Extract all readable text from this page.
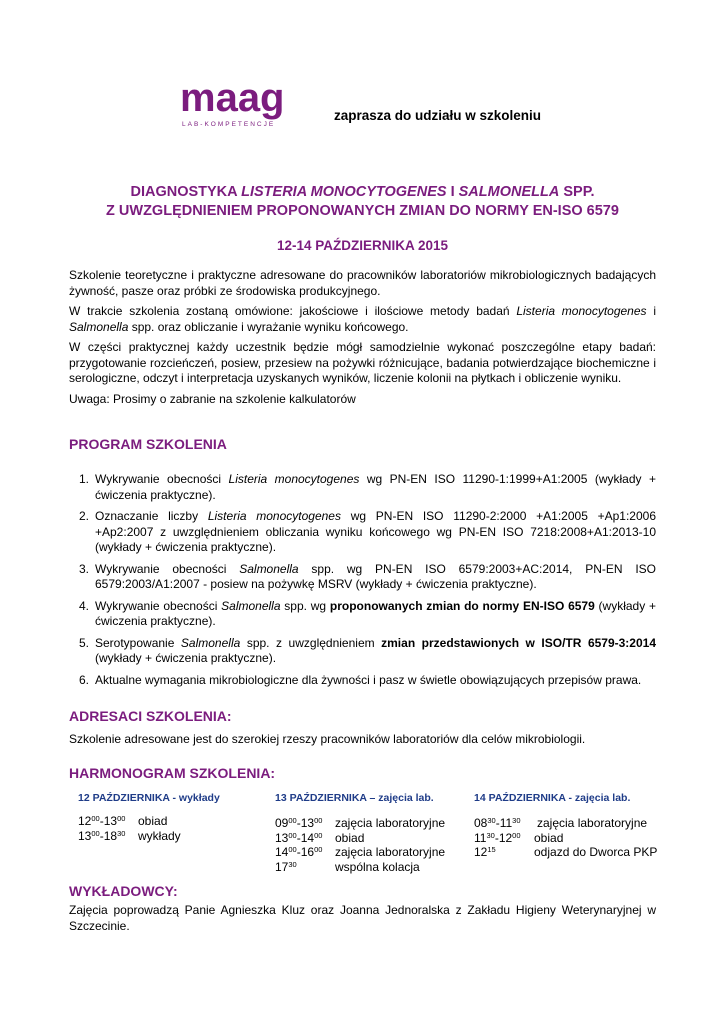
maag
LAB-KOMPETENCJE
zaprasza do udziału w szkoleniu
DIAGNOSTYKA LISTERIA MONOCYTOGENES I SALMONELLA SPP.
Z UWZGLĘDNIENIEM PROPONOWANYCH ZMIAN DO NORMY EN-ISO 6579
12-14 PAŹDZIERNIKA 2015

Szkolenie teoretyczne i praktyczne adresowane do pracowników laboratoriów mikrobiologicznych badających żywność, pasze oraz próbki ze środowiska produkcyjnego.

W trakcie szkolenia zostaną omówione: jakościowe i ilościowe metody badań Listeria monocytogenes i Salmonella spp. oraz obliczanie i wyrażanie wyniku końcowego.

W części praktycznej każdy uczestnik będzie mógł samodzielnie wykonać poszczególne etapy badań: przygotowanie rozcieńczeń, posiew, przesiew na pożywki różnicujące, badania potwierdzające biochemiczne i serologiczne, odczyt i interpretacja uzyskanych wyników, liczenie kolonii na płytkach i obliczenie wyniku.

Uwaga: Prosimy o zabranie na szkolenie kalkulatorów

PROGRAM SZKOLENIA
1. Wykrywanie obecności Listeria monocytogenes wg PN-EN ISO 11290-1:1999+A1:2005 (wykłady + ćwiczenia praktyczne).
2. Oznaczanie liczby Listeria monocytogenes wg PN-EN ISO 11290-2:2000 +A1:2005 +Ap1:2006 +Ap2:2007 z uwzględnieniem obliczania wyniku końcowego wg PN-EN ISO 7218:2008+A1:2013-10 (wykłady + ćwiczenia praktyczne).
3. Wykrywanie obecności Salmonella spp. wg PN-EN ISO 6579:2003+AC:2014, PN-EN ISO 6579:2003/A1:2007 - posiew na pożywkę MSRV (wykłady + ćwiczenia praktyczne).
4. Wykrywanie obecności Salmonella spp. wg proponowanych zmian do normy EN-ISO 6579 (wykłady + ćwiczenia praktyczne).
5. Serotypowanie Salmonella spp. z uwzględnieniem zmian przedstawionych w ISO/TR 6579-3:2014 (wykłady + ćwiczenia praktyczne).
6. Aktualne wymagania mikrobiologiczne dla żywności i pasz w świetle obowiązujących przepisów prawa.
ADRESACI SZKOLENIA:
Szkolenie adresowane jest do szerokiej rzeszy pracowników laboratoriów dla celów mikrobiologii.
HARMONOGRAM SZKOLENIA:
12 PAŹDZIERNIKA - wykłady
$12^{00}-13^{00}$ obiad
$13^{00}-18^{30}$ wykłady
13 PAŹDZIERNIKA – zajęcia lab.
$09^{00}-13^{00}$ zajęcia laboratoryjne
$13^{00}-14^{00}$ obiad
$14^{00}-16^{00}$ zajęcia laboratoryjne
$17^{30}$	wspólna kolacja
14 PAŹDZIERNIKA - zajęcia lab.
$08^{30}-11^{30}$ zajęcia laboratoryjne
$11^{30}-12^{00}$ obiad
$12^{15}$	odjazd do Dworca PKP
WYKŁADOWCY:
Zajęcia poprowadzą Panie Agnieszka Kluz oraz Joanna Jednoralska z Zakładu Higieny Weterynaryjnej w Szczecinie.
